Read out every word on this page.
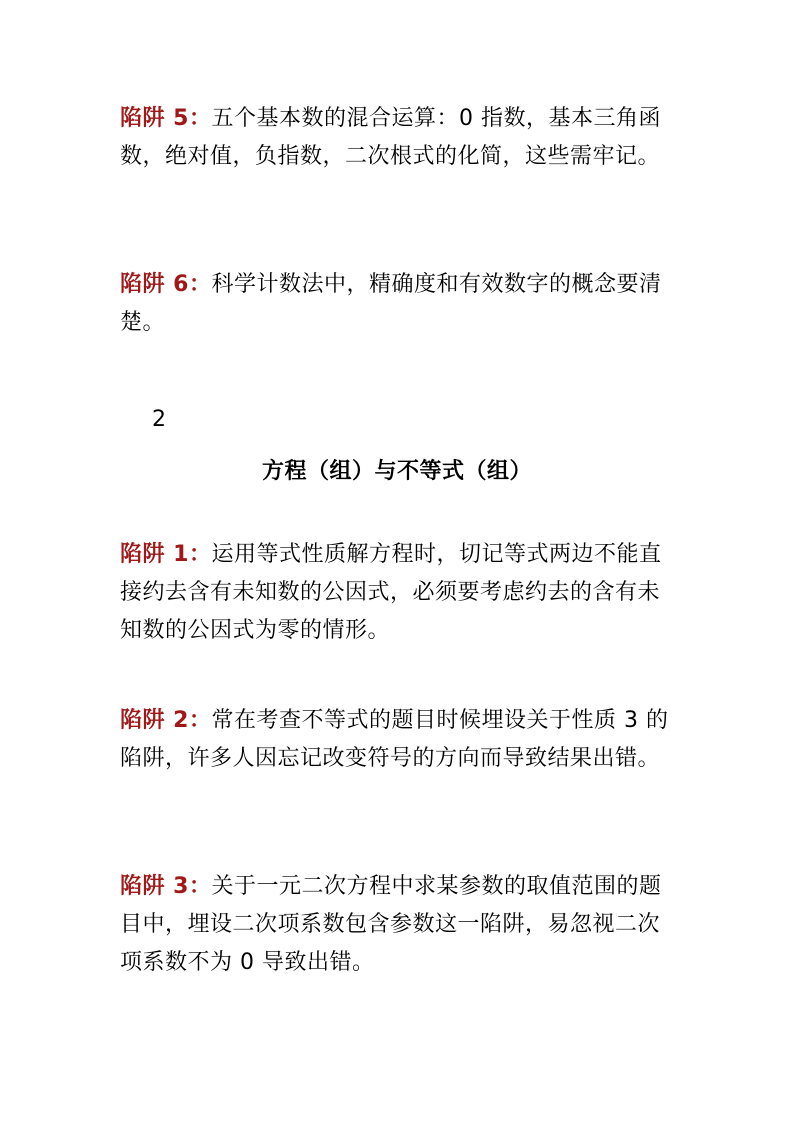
陷阱 5：五个基本数的混合运算：0 指数，基本三角函数，绝对值，负指数，二次根式的化简，这些需牢记。

陷阱 6：科学计数法中，精确度和有效数字的概念要清楚。

2
方程（组）与不等式（组）

陷阱 1：运用等式性质解方程时，切记等式两边不能直接约去含有未知数的公因式，必须要考虑约去的含有未知数的公因式为零的情形。

陷阱 2：常在考查不等式的题目时候埋设关于性质 3 的陷阱，许多人因忘记改变符号的方向而导致结果出错。

陷阱 3：关于一元二次方程中求某参数的取值范围的题目中，埋设二次项系数包含参数这一陷阱，易忽视二次项系数不为 0 导致出错。
